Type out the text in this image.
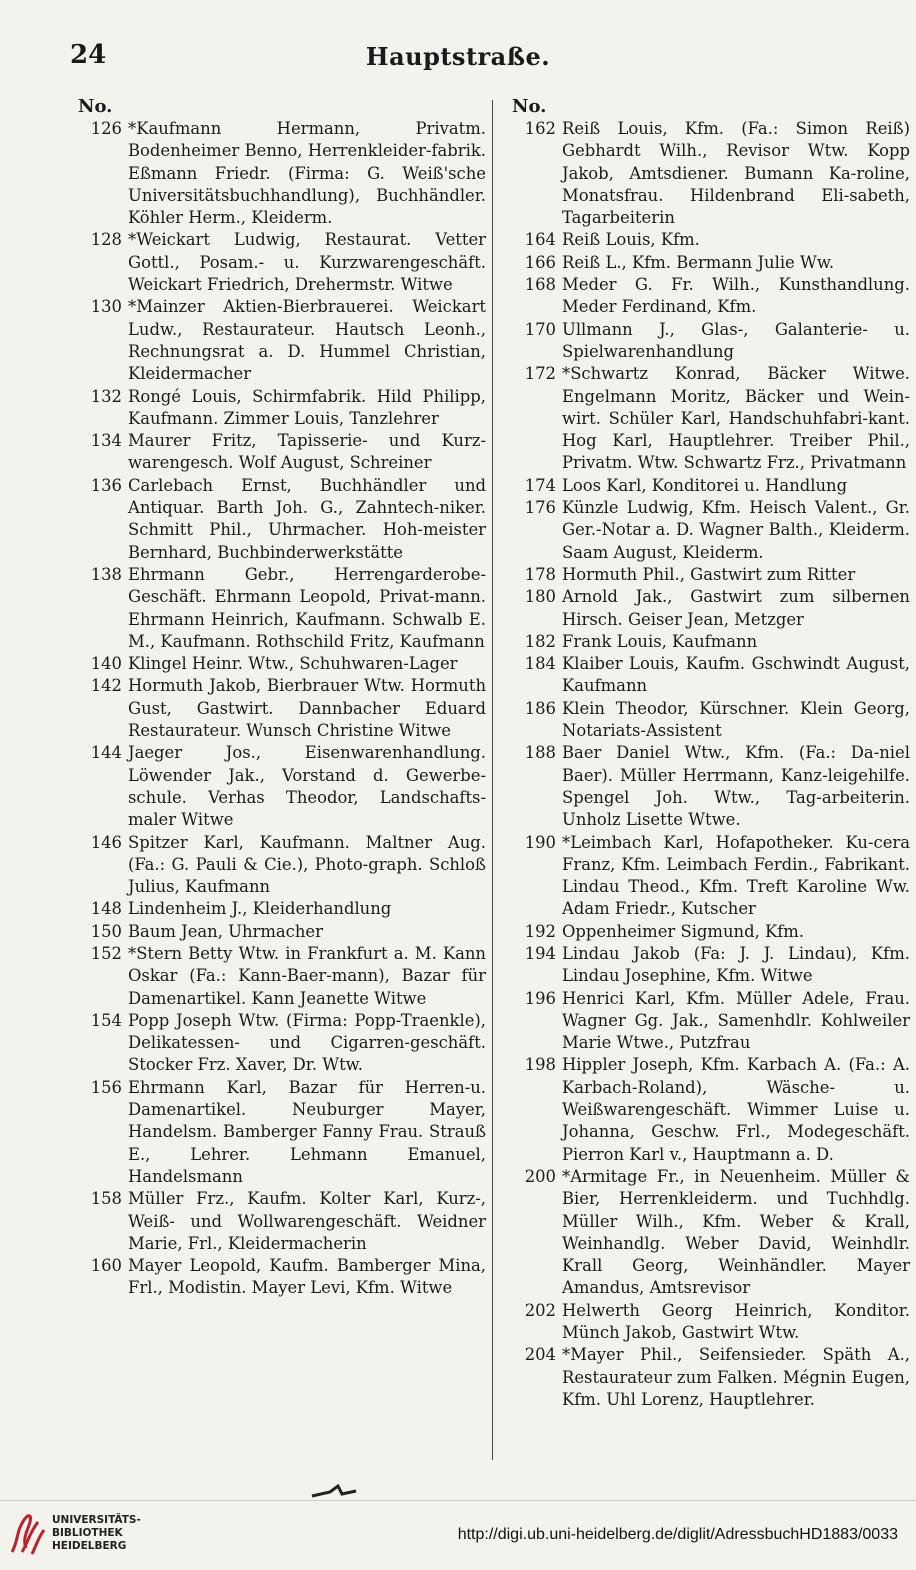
24	Hauptstraße.
No.
126 *Kaufmann Hermann, Privatm. Bodenheimer Benno, Herrenkleider-fabrik. Eßmann Friedr. (Firma: G. Weiß'sche Universitätsbuchhandlung), Buchhändler. Köhler Herm., Kleiderm.
128 *Weickart Ludwig, Restaurat. Vetter Gottl., Posam.- u. Kurzwarengeschäft. Weickart Friedrich, Drehermstr. Witwe
130 *Mainzer Aktien-Bierbrauerei. Weickart Ludw., Restaurateur. Hautsch Leonh., Rechnungsrat a. D. Hummel Christian, Kleidermacher
132 Rongé Louis, Schirmfabrik. Hild Philipp, Kaufmann. Zimmer Louis, Tanzlehrer
134 Maurer Fritz, Tapisserie- und Kurz-warengesch. Wolf August, Schreiner
136 Carlebach Ernst, Buchhändler und Antiquar. Barth Joh. G., Zahntech-niker. Schmitt Phil., Uhrmacher. Hoh-meister Bernhard, Buchbinderwerkstätte
138 Ehrmann Gebr., Herrengarderobe-Geschäft. Ehrmann Leopold, Privat-mann. Ehrmann Heinrich, Kaufmann. Schwalb E. M., Kaufmann. Rothschild Fritz, Kaufmann
140 Klingel Heinr. Wtw., Schuhwaren-Lager
142 Hormuth Jakob, Bierbrauer Wtw. Hormuth Gust, Gastwirt. Dannbacher Eduard Restaurateur. Wunsch Christine Witwe
144 Jaeger Jos., Eisenwarenhandlung. Löwender Jak., Vorstand d. Gewerbe-schule. Verhas Theodor, Landschafts-maler Witwe
146 Spitzer Karl, Kaufmann. Maltner Aug. (Fa.: G. Pauli & Cie.), Photo-graph. Schloß Julius, Kaufmann
148 Lindenheim J., Kleiderhandlung
150 Baum Jean, Uhrmacher
152 *Stern Betty Wtw. in Frankfurt a. M. Kann Oskar (Fa.: Kann-Baer-mann), Bazar für Damenartikel. Kann Jeanette Witwe
154 Popp Joseph Wtw. (Firma: Popp-Traenkle), Delikatessen- und Cigarren-geschäft. Stocker Frz. Xaver, Dr. Wtw.
156 Ehrmann Karl, Bazar für Herren-u. Damenartikel. Neuburger Mayer, Handelsm. Bamberger Fanny Frau. Strauß E., Lehrer. Lehmann Emanuel, Handelsmann
158 Müller Frz., Kaufm. Kolter Karl, Kurz-, Weiß- und Wollwarengeschäft. Weidner Marie, Frl., Kleidermacherin
160 Mayer Leopold, Kaufm. Bamberger Mina, Frl., Modistin. Mayer Levi, Kfm. Witwe
No.
162 Reiß Louis, Kfm. (Fa.: Simon Reiß) Gebhardt Wilh., Revisor Wtw. Kopp Jakob, Amtsdiener. Bumann Ka-roline, Monatsfrau. Hildenbrand Eli-sabeth, Tagarbeiterin
164 Reiß Louis, Kfm.
166 Reiß L., Kfm. Bermann Julie Ww.
168 Meder G. Fr. Wilh., Kunsthandlung. Meder Ferdinand, Kfm.
170 Ullmann J., Glas-, Galanterie- u. Spielwarenhandlung
172 *Schwartz Konrad, Bäcker Witwe. Engelmann Moritz, Bäcker und Wein-wirt. Schüler Karl, Handschuhfabri-kant. Hog Karl, Hauptlehrer. Treiber Phil., Privatm. Wtw. Schwartz Frz., Privatmann
174 Loos Karl, Konditorei u. Handlung
176 Künzle Ludwig, Kfm. Heisch Valent., Gr. Ger.-Notar a. D. Wagner Balth., Kleiderm. Saam August, Kleiderm.
178 Hormuth Phil., Gastwirt zum Ritter
180 Arnold Jak., Gastwirt zum silbernen Hirsch. Geiser Jean, Metzger
182 Frank Louis, Kaufmann
184 Klaiber Louis, Kaufm. Gschwindt August, Kaufmann
186 Klein Theodor, Kürschner. Klein Georg, Notariats-Assistent
188 Baer Daniel Wtw., Kfm. (Fa.: Da-niel Baer). Müller Herrmann, Kanz-leigehilfe. Spengel Joh. Wtw., Tag-arbeiterin. Unholz Lisette Wtwe.
190 *Leimbach Karl, Hofapotheker. Ku-cera Franz, Kfm. Leimbach Ferdin., Fabrikant. Lindau Theod., Kfm. Treft Karoline Ww. Adam Friedr., Kutscher
192 Oppenheimer Sigmund, Kfm.
194 Lindau Jakob (Fa: J. J. Lindau), Kfm. Lindau Josephine, Kfm. Witwe
196 Henrici Karl, Kfm. Müller Adele, Frau. Wagner Gg. Jak., Samenhdlr. Kohlweiler Marie Wtwe., Putzfrau
198 Hippler Joseph, Kfm. Karbach A. (Fa.: A. Karbach-Roland), Wäsche- u. Weißwarengeschäft. Wimmer Luise u. Johanna, Geschw. Frl., Modegeschäft. Pierron Karl v., Hauptmann a. D.
200 *Armitage Fr., in Neuenheim. Müller & Bier, Herrenkleiderm. und Tuchhdlg. Müller Wilh., Kfm. Weber & Krall, Weinhandlg. Weber David, Weinhdlr. Krall Georg, Weinhändler. Mayer Amandus, Amtsrevisor
202 Helwerth Georg Heinrich, Konditor. Münch Jakob, Gastwirt Wtw.
204 *Mayer Phil., Seifensieder. Späth A., Restaurateur zum Falken. Mégnin Eugen, Kfm. Uhl Lorenz, Hauptlehrer.
UNIVERSITÄTS-
BIBLIOTHEK
HEIDELBERG
http://digi.ub.uni-heidelberg.de/diglit/AdressbuchHD1883/0033
